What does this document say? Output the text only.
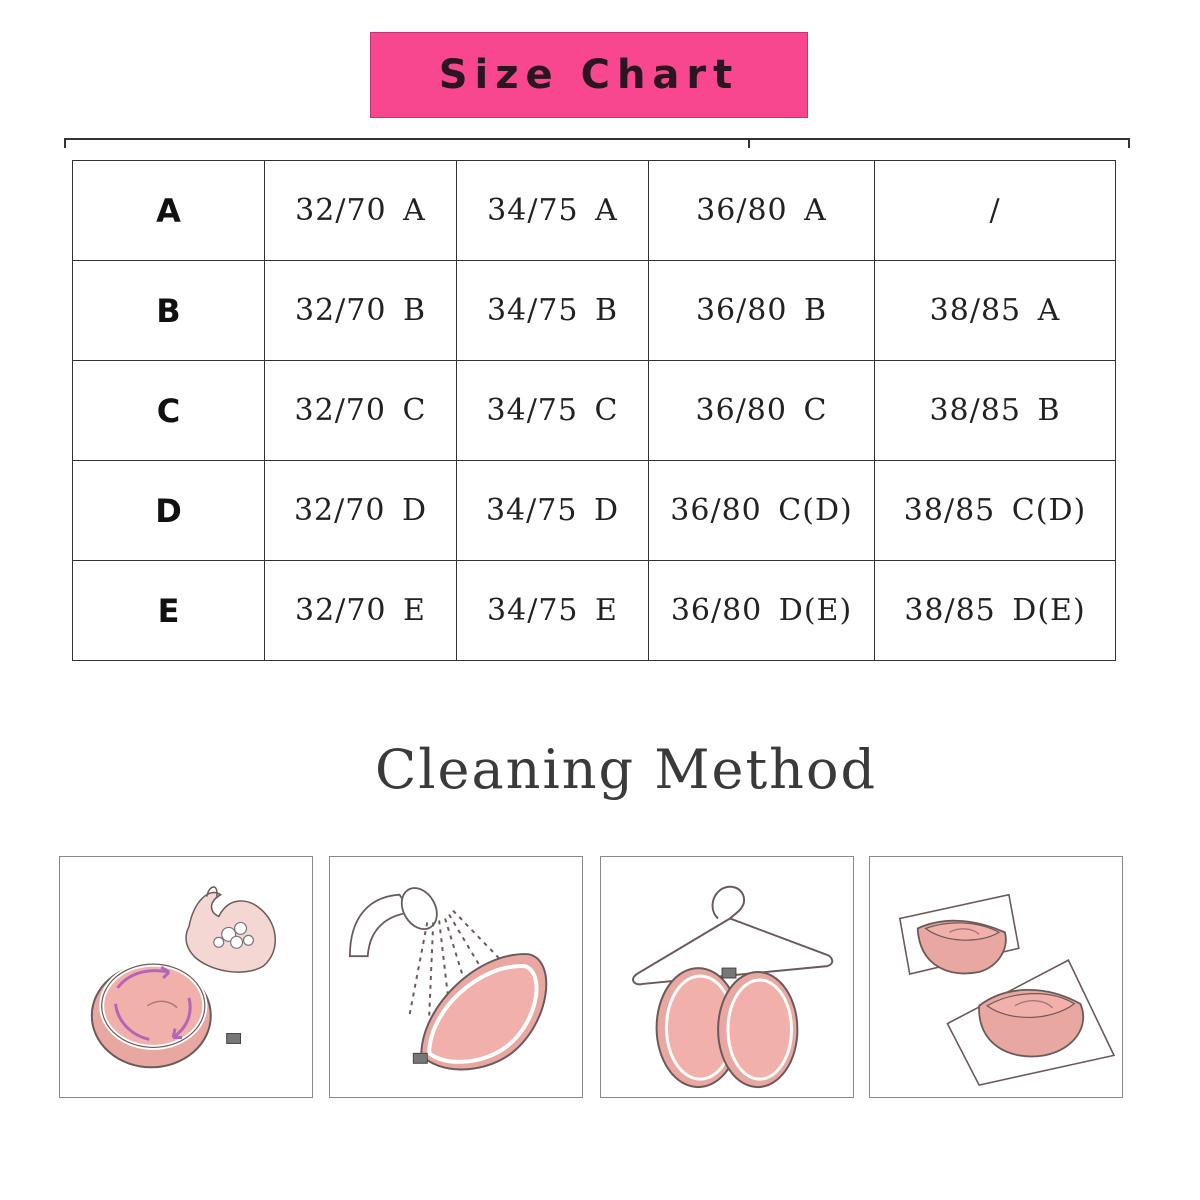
Size Chart
A	32/70 A	34/75 A	36/80 A	/
B	32/70 B	34/75 B	36/80 B	38/85 A
C	32/70 C	34/75 C	36/80 C	38/85 B
D	32/70 D	34/75 D	36/80 C(D)	38/85 C(D)
E	32/70 E	34/75 E	36/80 D(E)	38/85 D(E)
Cleaning Method
